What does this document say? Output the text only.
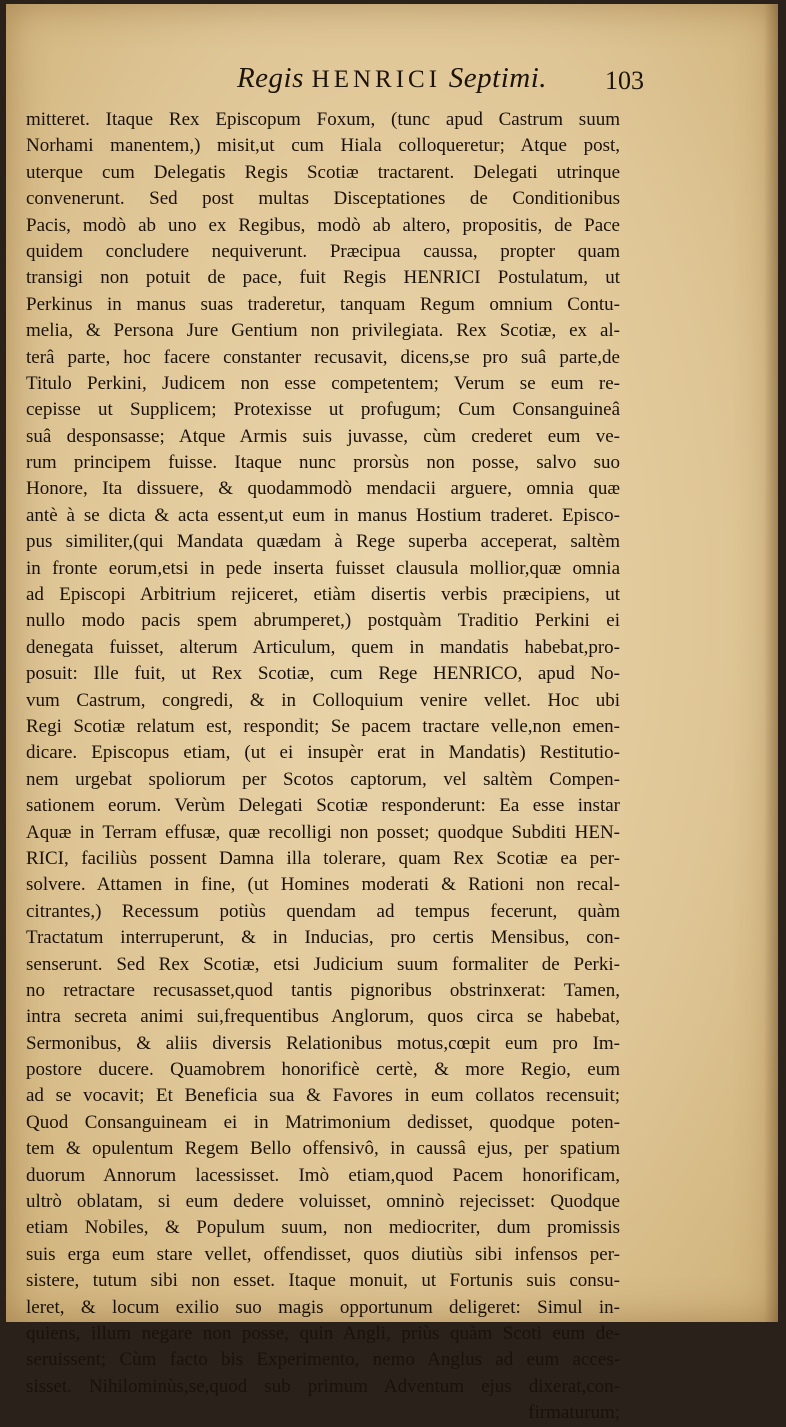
Regis HENRICI Septimi.	103
mitteret. Itaque Rex Episcopum Foxum, (tunc apud Castrum suum
Norhami manentem,) misit,ut cum Hiala colloqueretur; Atque post,
uterque cum Delegatis Regis Scotiæ tractarent. Delegati utrinque
convenerunt. Sed post multas Disceptationes de Conditionibus
Pacis, modò ab uno ex Regibus, modò ab altero, propositis, de Pace
quidem concludere nequiverunt. Præcipua caussa, propter quam
transigi non potuit de pace, fuit Regis HENRICI Postulatum, ut
Perkinus in manus suas traderetur, tanquam Regum omnium Contu-
melia, & Persona Jure Gentium non privilegiata. Rex Scotiæ, ex al-
terâ parte, hoc facere constanter recusavit, dicens,se pro suâ parte,de
Titulo Perkini, Judicem non esse competentem; Verum se eum re-
cepisse ut Supplicem; Protexisse ut profugum; Cum Consanguineâ
suâ desponsasse; Atque Armis suis juvasse, cùm crederet eum ve-
rum principem fuisse. Itaque nunc prorsùs non posse, salvo suo
Honore, Ita dissuere, & quodammodò mendacii arguere, omnia quæ
antè à se dicta & acta essent,ut eum in manus Hostium traderet. Episco-
pus similiter,(qui Mandata quædam à Rege superba acceperat, saltèm
in fronte eorum,etsi in pede inserta fuisset clausula mollior,quæ omnia
ad Episcopi Arbitrium rejiceret, etiàm disertis verbis præcipiens, ut
nullo modo pacis spem abrumperet,) postquàm Traditio Perkini ei
denegata fuisset, alterum Articulum, quem in mandatis habebat,pro-
posuit: Ille fuit, ut Rex Scotiæ, cum Rege HENRICO, apud No-
vum Castrum, congredi, & in Colloquium venire vellet. Hoc ubi
Regi Scotiæ relatum est, respondit; Se pacem tractare velle,non emen-
dicare. Episcopus etiam, (ut ei insupèr erat in Mandatis) Restitutio-
nem urgebat spoliorum per Scotos captorum, vel saltèm Compen-
sationem eorum. Verùm Delegati Scotiæ responderunt: Ea esse instar
Aquæ in Terram effusæ, quæ recolligi non posset; quodque Subditi HEN-
RICI, faciliùs possent Damna illa tolerare, quam Rex Scotiæ ea per-
solvere. Attamen in fine, (ut Homines moderati & Rationi non recal-
citrantes,) Recessum potiùs quendam ad tempus fecerunt, quàm
Tractatum interruperunt, & in Inducias, pro certis Mensibus, con-
senserunt. Sed Rex Scotiæ, etsi Judicium suum formaliter de Perki-
no retractare recusasset,quod tantis pignoribus obstrinxerat: Tamen,
intra secreta animi sui,frequentibus Anglorum, quos circa se habebat,
Sermonibus, & aliis diversis Relationibus motus,cœpit eum pro Im-
postore ducere. Quamobrem honorificè certè, & more Regio, eum
ad se vocavit; Et Beneficia sua & Favores in eum collatos recensuit;
Quod Consanguineam ei in Matrimonium dedisset, quodque poten-
tem & opulentum Regem Bello offensivô, in caussâ ejus, per spatium
duorum Annorum lacessisset. Imò etiam,quod Pacem honorificam,
ultrò oblatam, si eum dedere voluisset, omninò rejecisset: Quodque
etiam Nobiles, & Populum suum, non mediocriter, dum promissis
suis erga eum stare vellet, offendisset, quos diutiùs sibi infensos per-
sistere, tutum sibi non esset. Itaque monuit, ut Fortunis suis consu-
leret, & locum exilio suo magis opportunum deligeret: Simul in-
quiens, illum negare non posse, quin Angli, priùs quàm Scoti eum de-
seruissent; Cùm facto bis Experimento, nemo Anglus ad eum acces-
sisset. Nihilominùs,se,quod sub primum Adventum ejus dixerat,con-
firmaturum;
